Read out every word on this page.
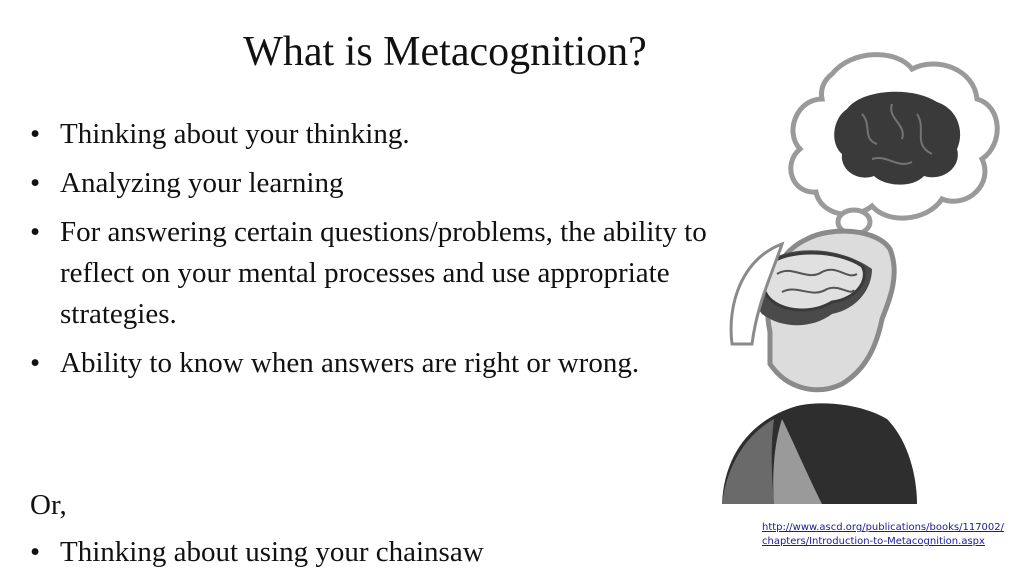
What is Metacognition?
• Thinking about your thinking.
• Analyzing your learning
• For answering certain questions/problems, the ability to reflect on your mental processes and use appropriate strategies.
• Ability to know when answers are right or wrong.
Or,
• Thinking about using your chainsaw
http://www.ascd.org/publications/books/117002/
chapters/Introduction-to-Metacognition.aspx
